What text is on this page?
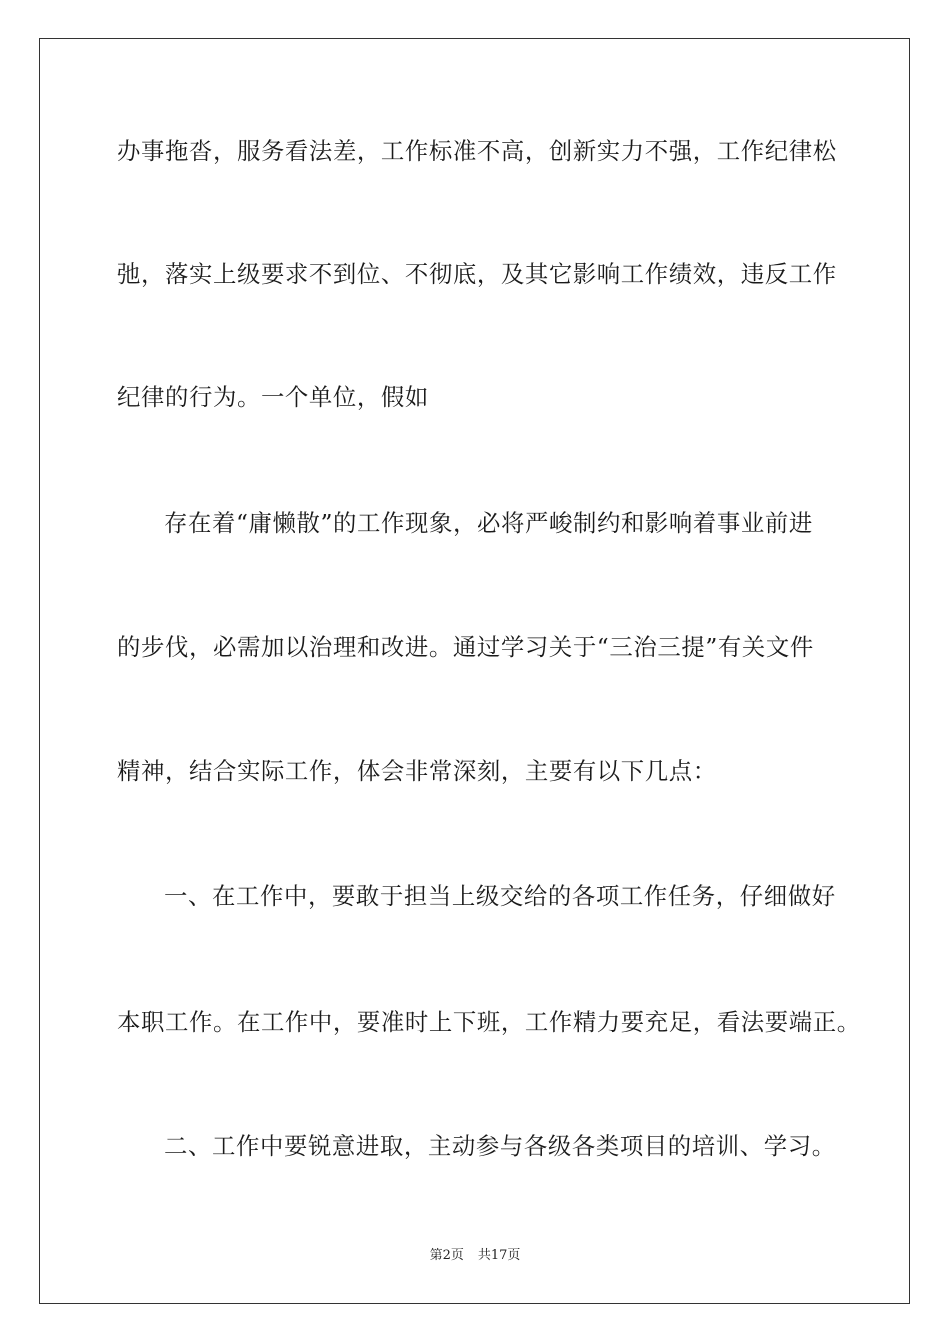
办事拖沓，服务看法差，工作标准不高，创新实力不强，工作纪律松
弛，落实上级要求不到位、不彻底，及其它影响工作绩效，违反工作
纪律的行为。一个单位，假如
存在着“庸懒散”的工作现象，必将严峻制约和影响着事业前进
的步伐，必需加以治理和改进。通过学习关于“三治三提”有关文件
精神，结合实际工作，体会非常深刻，主要有以下几点：
一、在工作中，要敢于担当上级交给的各项工作任务，仔细做好
本职工作。在工作中，要准时上下班，工作精力要充足，看法要端正。
二、工作中要锐意进取，主动参与各级各类项目的培训、学习。
第2页 共17页
